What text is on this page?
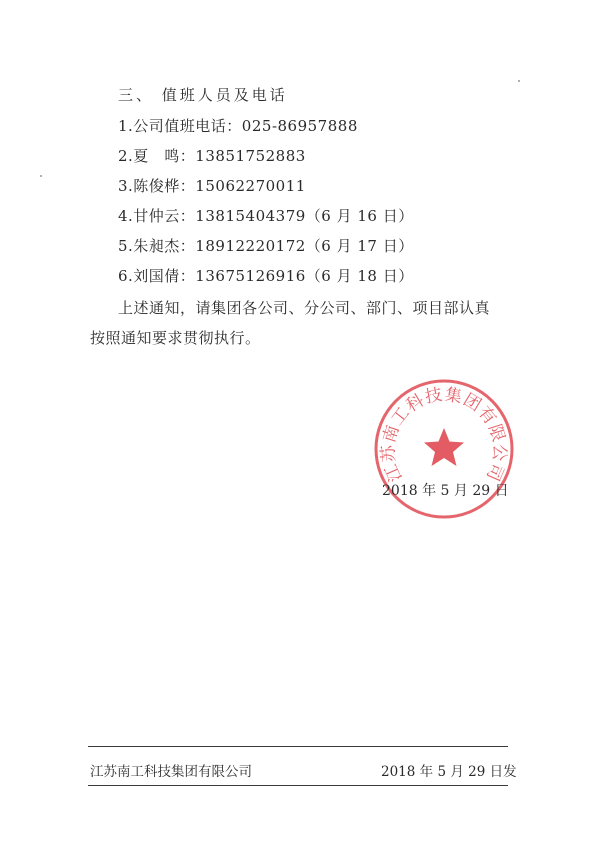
三、 值班人员及电话
1.公司值班电话：025-86957888
2.夏　鸣：13851752883
3.陈俊桦：15062270011
4.甘仲云：13815404379（6 月 16 日）
5.朱昶杰：18912220172（6 月 17 日）
6.刘国倩：13675126916（6 月 18 日）
上述通知，请集团各公司、分公司、部门、项目部认真
按照通知要求贯彻执行。
江苏南工科技集团有限公司
2018 年 5 月 29 日
江苏南工科技集团有限公司	2018 年 5 月 29 日发
